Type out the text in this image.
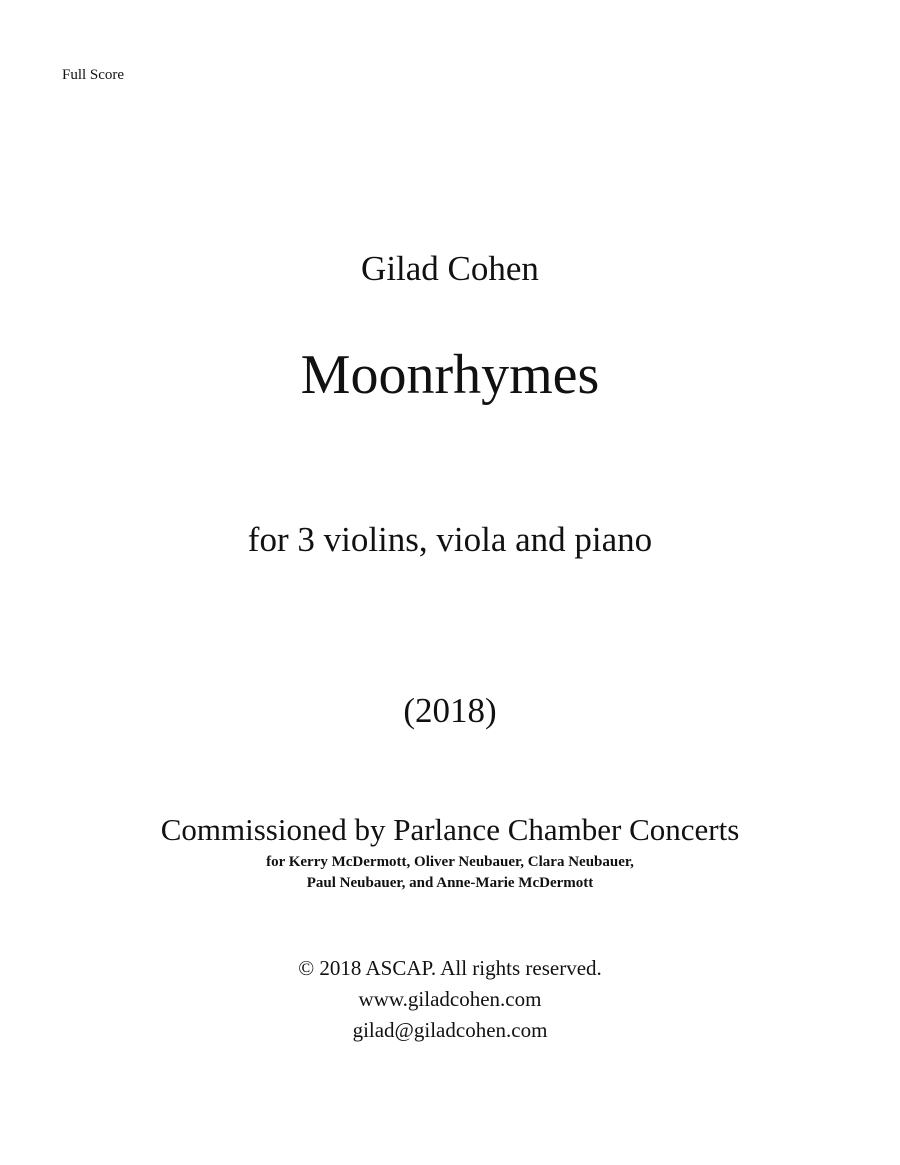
Full Score
Gilad Cohen
Moonrhymes
for 3 violins, viola and piano
(2018)
Commissioned by Parlance Chamber Concerts
for Kerry McDermott, Oliver Neubauer, Clara Neubauer,
Paul Neubauer, and Anne-Marie McDermott
© 2018 ASCAP. All rights reserved.
www.giladcohen.com
gilad@giladcohen.com
